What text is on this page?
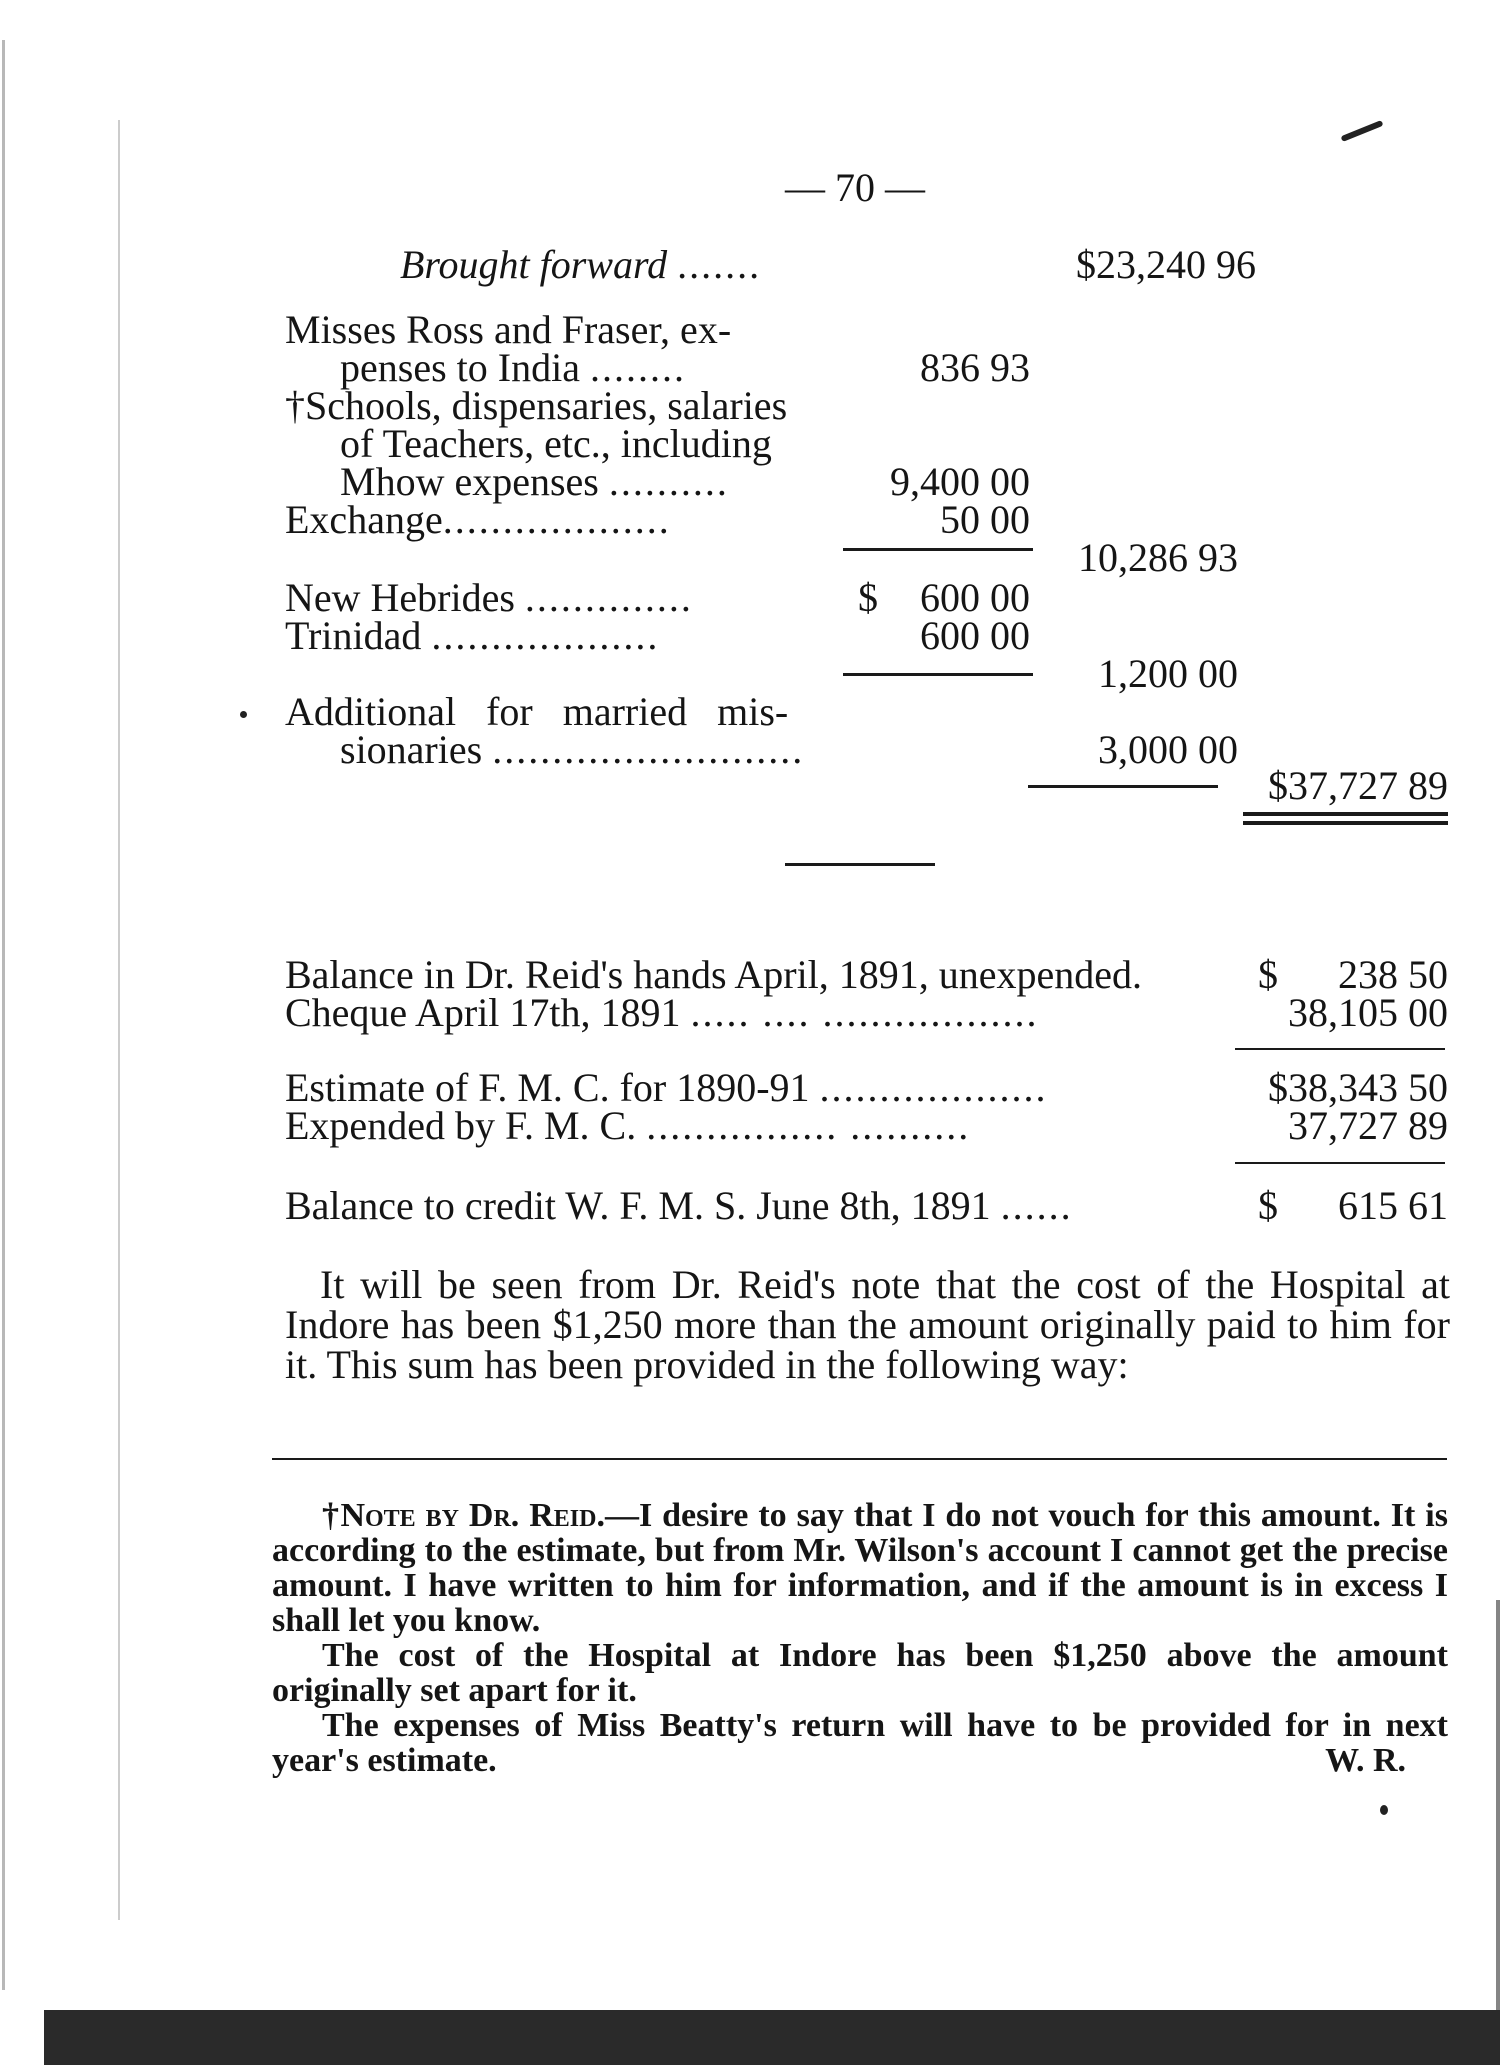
— 70 —
Brought forward .......	$23,240 96
Misses Ross and Fraser, ex-
penses to India ........	836 93
†Schools, dispensaries, salaries
of Teachers, etc., including
Mhow expenses ..........	9,400 00
Exchange...................	50 00
10,286 93
New Hebrides ..............	$ 600 00
Trinidad ...................	600 00
1,200 00
Additional for married mis-
sionaries ..........................	3,000 00
$37,727 89
Balance in Dr. Reid's hands April, 1891, unexpended.	$ 238 50
Cheque April 17th, 1891 ..... .... ..................	38,105 00
Estimate of F. M. C. for 1890-91 ...................	$38,343 50
Expended by F. M. C. ................ ..........	37,727 89
Balance to credit W. F. M. S. June 8th, 1891 ......	$ 615 61
It will be seen from Dr. Reid's note that the cost of the Hospital at Indore has been $1,250 more than the amount originally paid to him for it. This sum has been provided in the following way:
†Note by Dr. Reid.—I desire to say that I do not vouch for this amount. It is according to the estimate, but from Mr. Wilson's account I cannot get the precise amount. I have written to him for information, and if the amount is in excess I shall let you know.
The cost of the Hospital at Indore has been $1,250 above the amount originally set apart for it.
The expenses of Miss Beatty's return will have to be provided for in next year's estimate.	W. R.
